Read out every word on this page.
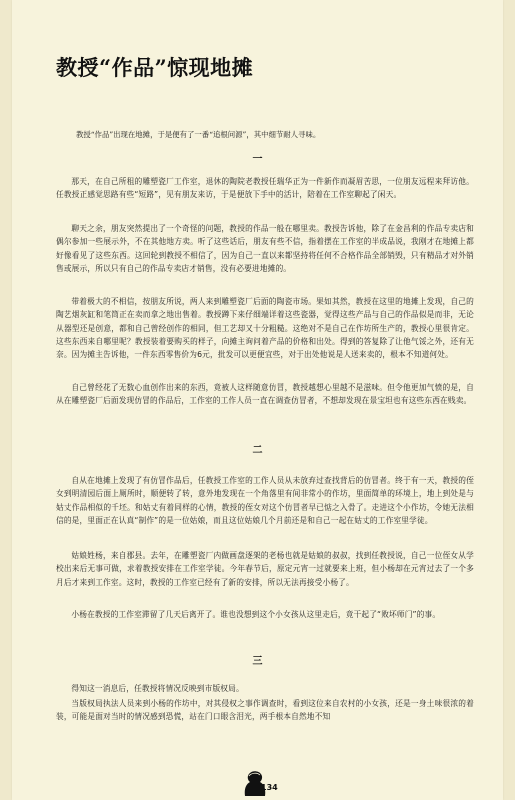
教授“作品”惊现地摊
教授“作品”出现在地摊，于是便有了一番“追根问源”，其中细节耐人寻味。
一
那天，在自己所租的雕塑瓷厂工作室，退休的陶院老教授任瑞华正为一件新作而凝眉苦思，一位朋友远程来拜访他。任教授正感觉思路有些“短路”，见有朋友来访，于是便放下手中的活计，陪着在工作室聊起了闲天。
聊天之余，朋友突然提出了一个奇怪的问题，教授的作品一般在哪里卖。教授告诉他，除了在金昌利的作品专卖店和偶尔参加一些展示外，不在其他地方卖。听了这些话后，朋友有些不信，指着摆在工作室的半成品说，我刚才在地摊上都好像看见了这些东西。这回轮到教授不相信了，因为自己一直以来都坚持将任何不合格作品全部销毁，只有精品才对外销售或展示，所以只有自己的作品专卖店才销售，没有必要进地摊的。
带着极大的不相信，按朋友所说，两人来到雕塑瓷厂后面的陶瓷市场。果如其然，教授在这里的地摊上发现，自己的陶艺烟灰缸和笔筒正在卖而拿之地出售着。教授蹲下来仔细端详着这些瓷器，觉得这些产品与自己的作品似是而非，无论从器型还是创意，都和自己曾经创作的相同，但工艺却又十分粗糙。这绝对不是自己在作坊所生产的，教授心里很肯定。这些东西来自哪里呢？教授装着要购买的样子，向摊主询问着产品的价格和出处。得到的答复除了让他气馁之外，还有无奈。因为摊主告诉他，一件东西零售价为6元，批发可以更便宜些，对于出处他说是人送来卖的，根本不知道何处。
自己曾经花了无数心血创作出来的东西，竟被人这样随意仿冒，教授越想心里越不是滋味。但令他更加气愤的是，自从在雕塑瓷厂后面发现仿冒的作品后，工作室的工作人员一直在调查仿冒者，不想却发现在景宝坦也有这些东西在贱卖。
二
自从在地摊上发现了有仿冒作品后，任教授工作室的工作人员从未放弃过查找背后的仿冒者。终于有一天，教授的侄女到明清园后面上厕所时，顺便转了转，意外地发现在一个角落里有间非常小的作坊，里面简单的环境上，地上到处是与姑丈作品相似的千坯。和姑丈有着同样的心情，教授的侄女对这个仿冒者早已惦之入骨了。走进这个小作坊，令她无法相信的是，里面正在认真“制作”的是一位姑娘，而且这位姑娘几个月前还是和自己一起在姑丈的工作室里学徒。
姑娘姓杨，来自郡县。去年，在雕塑瓷厂内做画盘逐架的老杨也就是姑娘的叔叔，找到任教授说，自己一位侄女从学校出来后无事可做，求着教授安排在工作室学徒。今年春节后，原定元宵一过就要来上班，但小杨却在元宵过去了一个多月后才来到工作室。这时，教授的工作室已经有了新的安排，所以无法再接受小杨了。
小杨在教授的工作室滞留了几天后离开了。谁也没想到这个小女孩从这里走后，竟干起了“败坏师门”的事。
三
得知这一消息后，任教授将情况反映到市版权局。
当版权局执法人员来到小杨的作坊中，对其侵权之事作调查时，看到这位来自农村的小女孩，还是一身土味很浓的着装，可能是面对当时的情况感到恐慌，站在门口眼含泪光，两手根本自然地不知
134
